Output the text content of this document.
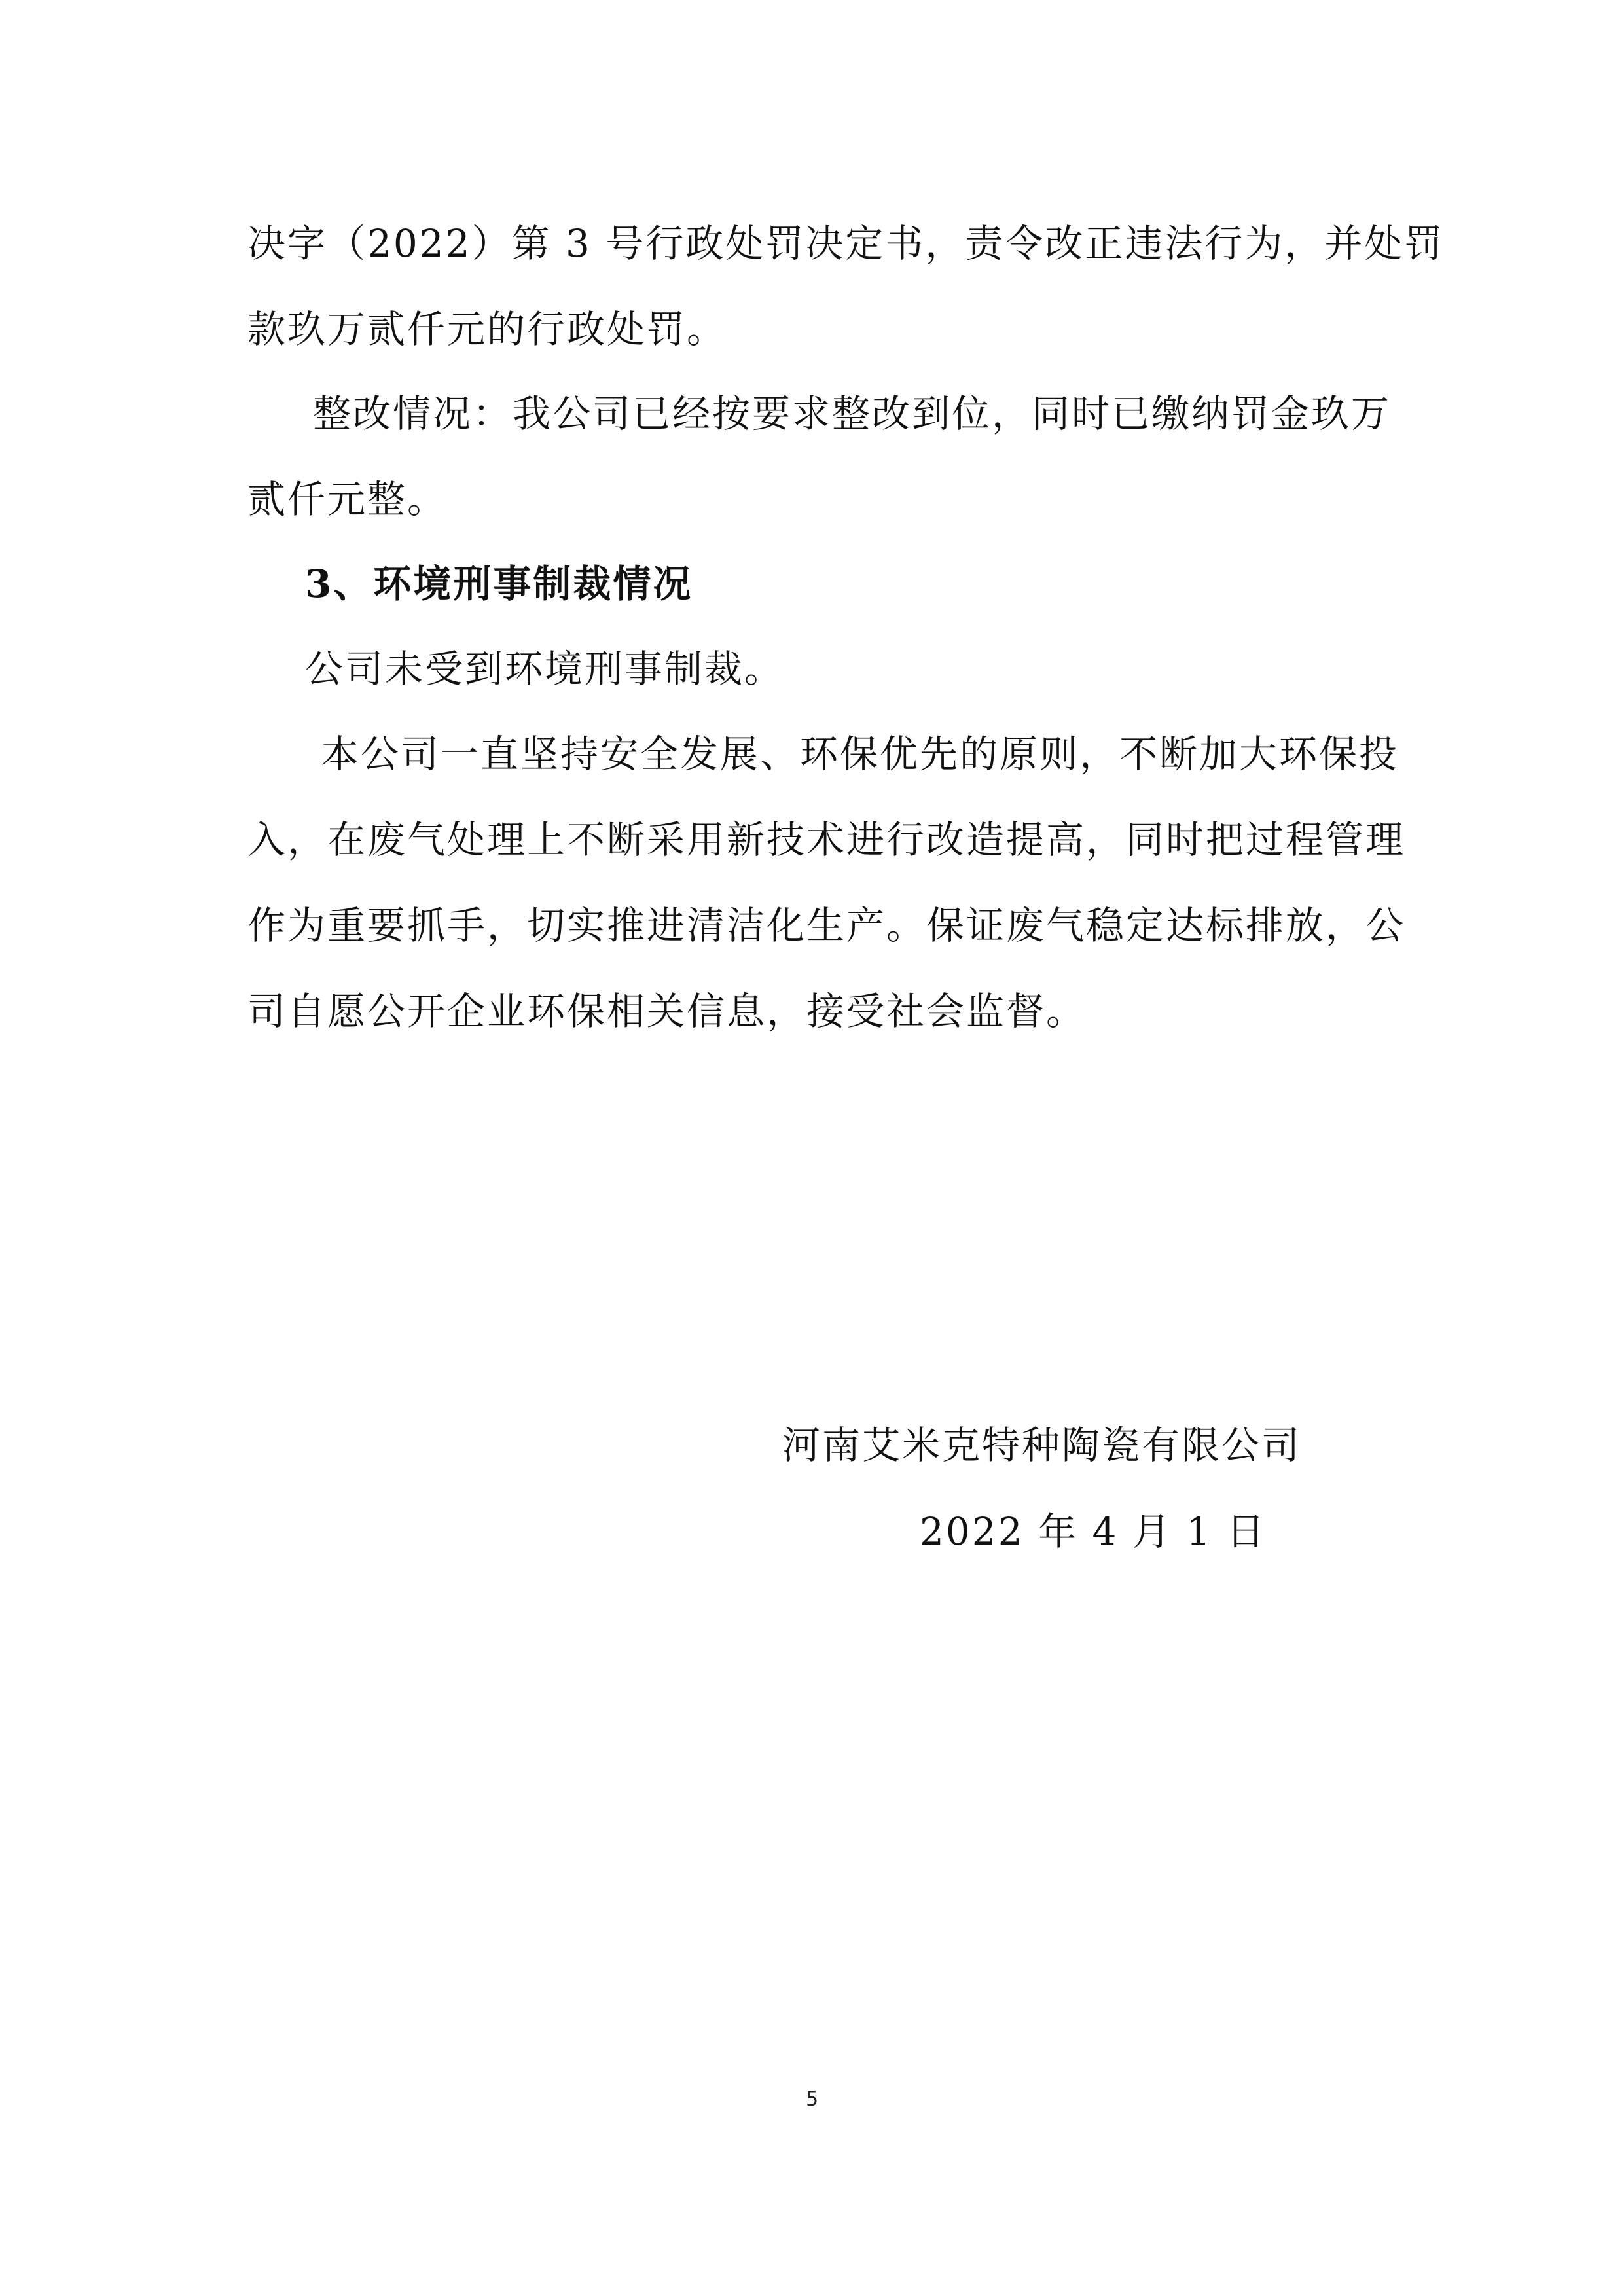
决字（2022）第 3 号行政处罚决定书，责令改正违法行为，并处罚
款玖万贰仟元的行政处罚。
整改情况：我公司已经按要求整改到位，同时已缴纳罚金玖万
贰仟元整。
3、环境刑事制裁情况
公司未受到环境刑事制裁。
本公司一直坚持安全发展、环保优先的原则，不断加大环保投
入，在废气处理上不断采用新技术进行改造提高，同时把过程管理
作为重要抓手，切实推进清洁化生产。保证废气稳定达标排放，公
司自愿公开企业环保相关信息，接受社会监督。
河南艾米克特种陶瓷有限公司
2022 年 4 月 1 日
5
